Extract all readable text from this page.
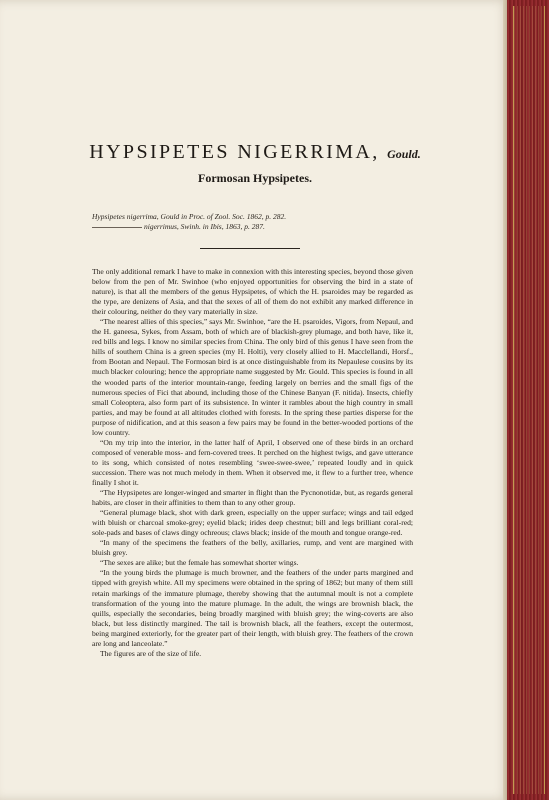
HYPSIPETES NIGERRIMA, Gould.
Formosan Hypsipetes.
Hypsipetes nigerrima, Gould in Proc. of Zool. Soc. 1862, p. 282.
nigerrimus, Swinh. in Ibis, 1863, p. 287.

The only additional remark I have to make in connexion with this interesting species, beyond those given below from the pen of Mr. Swinhoe (who enjoyed opportunities for observing the bird in a state of nature), is that all the members of the genus Hypsipetes, of which the H. psaroides may be regarded as the type, are denizens of Asia, and that the sexes of all of them do not exhibit any marked difference in their colouring, neither do they vary materially in size.

“The nearest allies of this species,” says Mr. Swinhoe, “are the H. psaroides, Vigors, from Nepaul, and the H. ganeesa, Sykes, from Assam, both of which are of blackish-grey plumage, and both have, like it, red bills and legs. I know no similar species from China. The only bird of this genus I have seen from the hills of southern China is a green species (my H. Holti), very closely allied to H. Macclellandi, Horsf., from Bootan and Nepaul. The Formosan bird is at once distinguishable from its Nepaulese cousins by its much blacker colouring; hence the appropriate name suggested by Mr. Gould. This species is found in all the wooded parts of the interior mountain-range, feeding largely on berries and the small figs of the numerous species of Fici that abound, including those of the Chinese Banyan (F. nitida). Insects, chiefly small Coleoptera, also form part of its subsistence. In winter it rambles about the high country in small parties, and may be found at all altitudes clothed with forests. In the spring these parties disperse for the purpose of nidification, and at this season a few pairs may be found in the better-wooded portions of the low country.

“On my trip into the interior, in the latter half of April, I observed one of these birds in an orchard composed of venerable moss- and fern-covered trees. It perched on the highest twigs, and gave utterance to its song, which consisted of notes resembling ‘swee-swee-swee,’ repeated loudly and in quick succession. There was not much melody in them. When it observed me, it flew to a further tree, whence finally I shot it.

“The Hypsipetes are longer-winged and smarter in flight than the Pycnonotidæ, but, as regards general habits, are closer in their affinities to them than to any other group.

“General plumage black, shot with dark green, especially on the upper surface; wings and tail edged with bluish or charcoal smoke-grey; eyelid black; irides deep chestnut; bill and legs brilliant coral-red; sole-pads and bases of claws dingy ochreous; claws black; inside of the mouth and tongue orange-red.

“In many of the specimens the feathers of the belly, axillaries, rump, and vent are margined with bluish grey.

“The sexes are alike; but the female has somewhat shorter wings.

“In the young birds the plumage is much browner, and the feathers of the under parts margined and tipped with greyish white. All my specimens were obtained in the spring of 1862; but many of them still retain markings of the immature plumage, thereby showing that the autumnal moult is not a complete transformation of the young into the mature plumage. In the adult, the wings are brownish black, the quills, especially the secondaries, being broadly margined with bluish grey; the wing-coverts are also black, but less distinctly margined. The tail is brownish black, all the feathers, except the outermost, being margined exteriorly, for the greater part of their length, with bluish grey. The feathers of the crown are long and lanceolate.”

The figures are of the size of life.
